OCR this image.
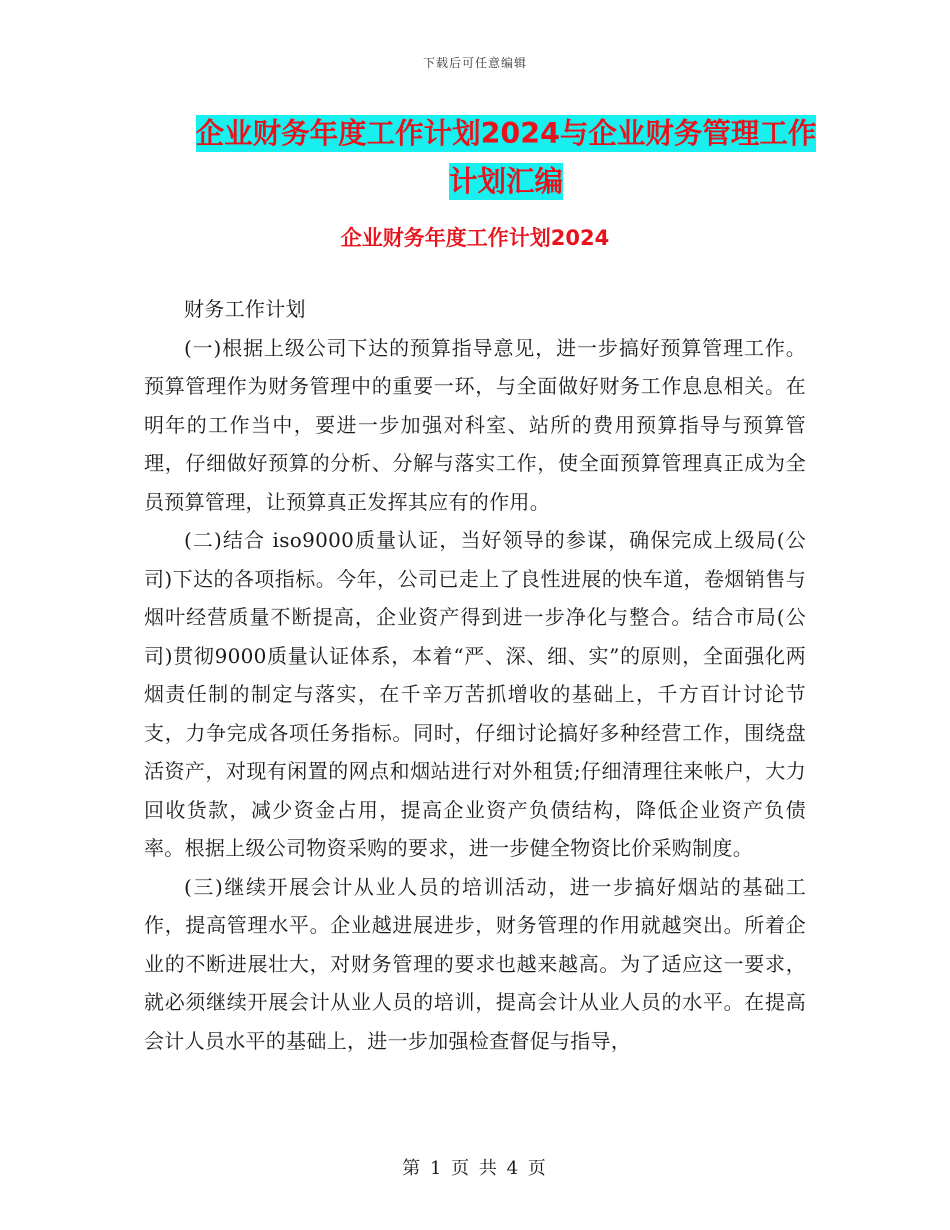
下载后可任意编辑
企业财务年度工作计划2024与企业财务管理工作计划汇编
企业财务年度工作计划2024

财务工作计划

(一)根据上级公司下达的预算指导意见，进一步搞好预算管理工作。预算管理作为财务管理中的重要一环，与全面做好财务工作息息相关。在明年的工作当中，要进一步加强对科室、站所的费用预算指导与预算管理，仔细做好预算的分析、分解与落实工作，使全面预算管理真正成为全员预算管理，让预算真正发挥其应有的作用。

(二)结合 iso9000质量认证，当好领导的参谋，确保完成上级局(公司)下达的各项指标。今年，公司已走上了良性进展的快车道，卷烟销售与烟叶经营质量不断提高，企业资产得到进一步净化与整合。结合市局(公司)贯彻9000质量认证体系，本着“严、深、细、实”的原则，全面强化两烟责任制的制定与落实，在千辛万苦抓增收的基础上，千方百计讨论节支，力争完成各项任务指标。同时，仔细讨论搞好多种经营工作，围绕盘活资产，对现有闲置的网点和烟站进行对外租赁;仔细清理往来帐户，大力回收货款，减少资金占用，提高企业资产负债结构，降低企业资产负债率。根据上级公司物资采购的要求，进一步健全物资比价采购制度。

(三)继续开展会计从业人员的培训活动，进一步搞好烟站的基础工作，提高管理水平。企业越进展进步，财务管理的作用就越突出。所着企业的不断进展壮大，对财务管理的要求也越来越高。为了适应这一要求，就必须继续开展会计从业人员的培训，提高会计从业人员的水平。在提高会计人员水平的基础上，进一步加强检查督促与指导，

第 1 页 共 4 页
